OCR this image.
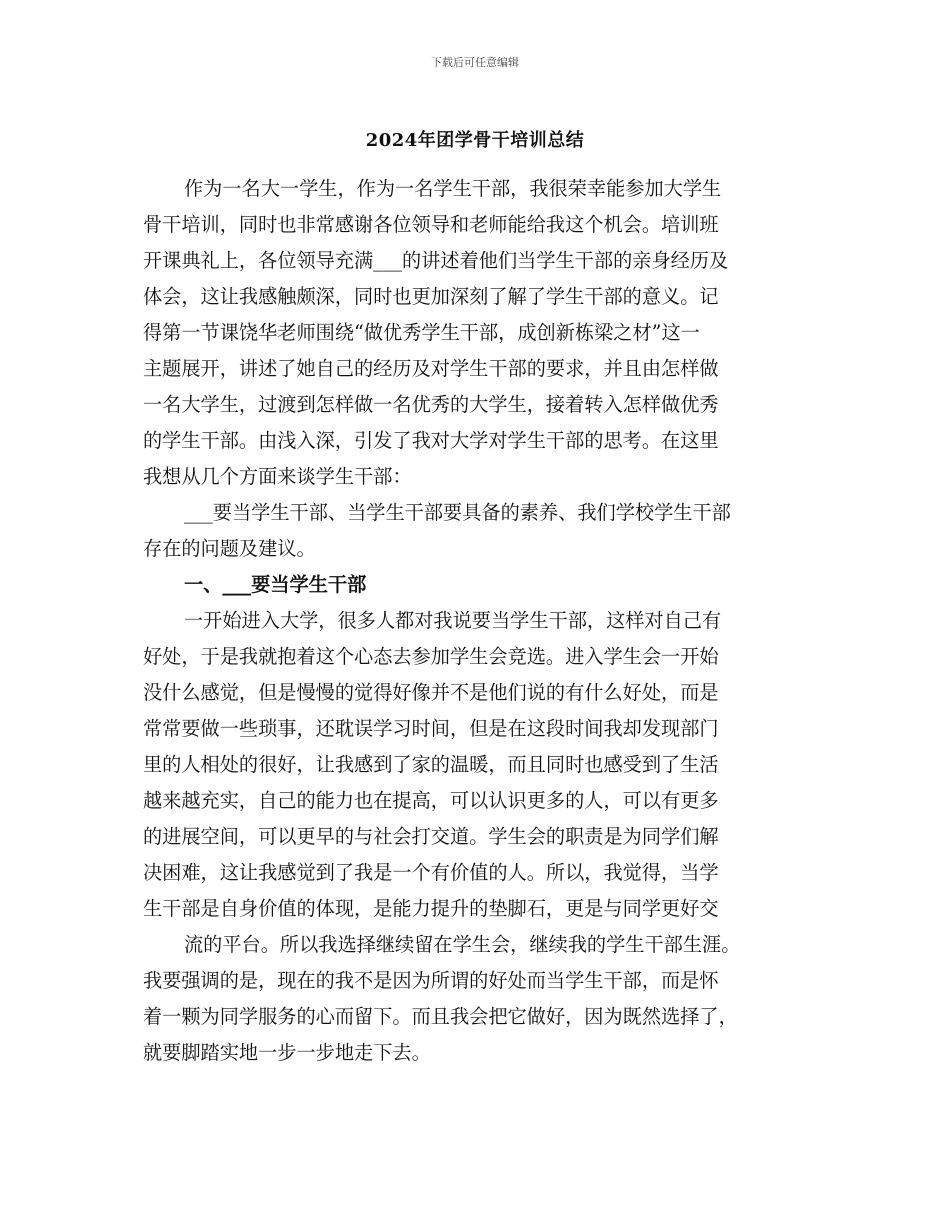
下载后可任意编辑
2024年团学骨干培训总结
作为一名大一学生，作为一名学生干部，我很荣幸能参加大学生
骨干培训，同时也非常感谢各位领导和老师能给我这个机会。培训班
开课典礼上，各位领导充满___的讲述着他们当学生干部的亲身经历及
体会，这让我感触颇深，同时也更加深刻了解了学生干部的意义。记
得第一节课饶华老师围绕“做优秀学生干部，成创新栋梁之材”这一
主题展开，讲述了她自己的经历及对学生干部的要求，并且由怎样做
一名大学生，过渡到怎样做一名优秀的大学生，接着转入怎样做优秀
的学生干部。由浅入深，引发了我对大学对学生干部的思考。在这里
我想从几个方面来谈学生干部：
___要当学生干部、当学生干部要具备的素养、我们学校学生干部
存在的问题及建议。
一、___要当学生干部
一开始进入大学，很多人都对我说要当学生干部，这样对自己有
好处，于是我就抱着这个心态去参加学生会竞选。进入学生会一开始
没什么感觉，但是慢慢的觉得好像并不是他们说的有什么好处，而是
常常要做一些琐事，还耽误学习时间，但是在这段时间我却发现部门
里的人相处的很好，让我感到了家的温暖，而且同时也感受到了生活
越来越充实，自己的能力也在提高，可以认识更多的人，可以有更多
的进展空间，可以更早的与社会打交道。学生会的职责是为同学们解
决困难，这让我感觉到了我是一个有价值的人。所以，我觉得，当学
生干部是自身价值的体现，是能力提升的垫脚石，更是与同学更好交
流的平台。所以我选择继续留在学生会，继续我的学生干部生涯。
我要强调的是，现在的我不是因为所谓的好处而当学生干部，而是怀
着一颗为同学服务的心而留下。而且我会把它做好，因为既然选择了，
就要脚踏实地一步一步地走下去。
